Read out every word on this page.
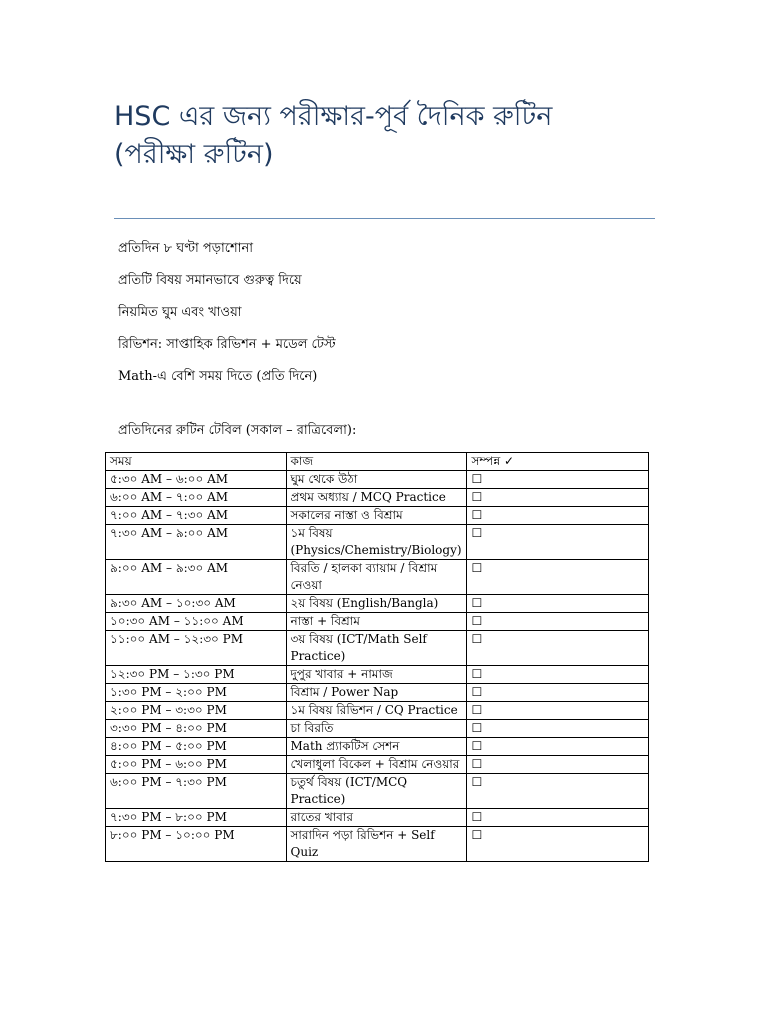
HSC এর জন্য পরীক্ষার-পূর্ব দৈনিক রুটিন
(পরীক্ষা রুটিন)
প্রতিদিন ৮ ঘণ্টা পড়াশোনা
প্রতিটি বিষয় সমানভাবে গুরুত্ব দিয়ে
নিয়মিত ঘুম এবং খাওয়া
রিভিশন: সাপ্তাহিক রিভিশন + মডেল টেস্ট
Math-এ বেশি সময় দিতে (প্রতি দিনে)

প্রতিদিনের রুটিন টেবিল (সকাল – রাত্রিবেলা):

সময়	কাজ	সম্পন্ন ✓
৫:৩০ AM – ৬:০০ AM	ঘুম থেকে উঠা	☐
৬:০০ AM – ৭:০০ AM	প্রথম অধ্যায় / MCQ Practice	☐
৭:০০ AM – ৭:৩০ AM	সকালের নাস্তা ও বিশ্রাম	☐
৭:৩০ AM – ৯:০০ AM	১ম বিষয় (Physics/Chemistry/Biology)	☐
৯:০০ AM – ৯:৩০ AM	বিরতি / হালকা ব্যায়াম / বিশ্রাম নেওয়া	☐
৯:৩০ AM – ১০:৩০ AM	২য় বিষয় (English/Bangla)	☐
১০:৩০ AM – ১১:০০ AM	নাস্তা + বিশ্রাম	☐
১১:০০ AM – ১২:৩০ PM	৩য় বিষয় (ICT/Math Self Practice)	☐
১২:৩০ PM – ১:৩০ PM	দুপুর খাবার + নামাজ	☐
১:৩০ PM – ২:০০ PM	বিশ্রাম / Power Nap	☐
২:০০ PM – ৩:৩০ PM	১ম বিষয় রিভিশন / CQ Practice	☐
৩:৩০ PM – ৪:০০ PM	চা বিরতি	☐
৪:০০ PM – ৫:০০ PM	Math প্র্যাকটিস সেশন	☐
৫:০০ PM – ৬:০০ PM	খেলাধুলা বিকেল + বিশ্রাম নেওয়ার	☐
৬:০০ PM – ৭:৩০ PM	চতুর্থ বিষয় (ICT/MCQ Practice)	☐
৭:৩০ PM – ৮:০০ PM	রাতের খাবার	☐
৮:০০ PM – ১০:০০ PM	সারাদিন পড়া রিভিশন + Self Quiz	☐
